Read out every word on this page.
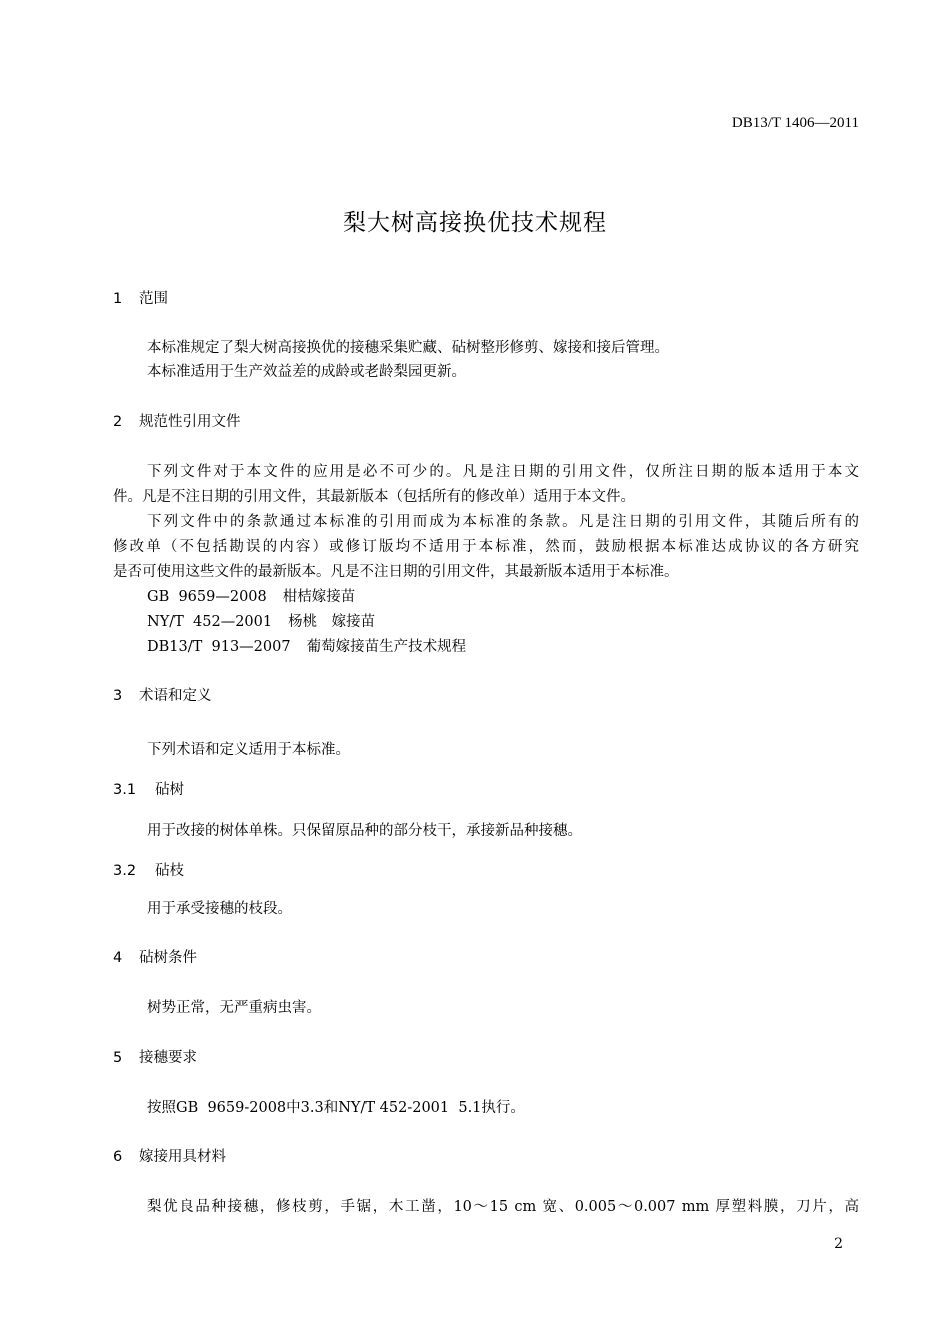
DB13/T 1406—2011
梨大树高接换优技术规程
1 范围
本标准规定了梨大树高接换优的接穗采集贮藏、砧树整形修剪、嫁接和接后管理。
本标准适用于生产效益差的成龄或老龄梨园更新。
2 规范性引用文件
下列文件对于本文件的应用是必不可少的。凡是注日期的引用文件，仅所注日期的版本适用于本文
件。凡是不注日期的引用文件，其最新版本（包括所有的修改单）适用于本文件。
下列文件中的条款通过本标准的引用而成为本标准的条款。凡是注日期的引用文件，其随后所有的
修改单（不包括勘误的内容）或修订版均不适用于本标准，然而，鼓励根据本标准达成协议的各方研究
是否可使用这些文件的最新版本。凡是不注日期的引用文件，其最新版本适用于本标准。
GB  9659—2008 柑桔嫁接苗
NY/T  452—2001 杨桃　嫁接苗
DB13/T  913—2007 葡萄嫁接苗生产技术规程
3 术语和定义
下列术语和定义适用于本标准。
3.1 砧树
用于改接的树体单株。只保留原品种的部分枝干，承接新品种接穗。
3.2 砧枝
用于承受接穗的枝段。
4 砧树条件
树势正常，无严重病虫害。
5 接穗要求
按照GB  9659-2008中3.3和NY/T 452-2001  5.1执行。
6 嫁接用具材料
梨优良品种接穗，修枝剪，手锯，木工凿，10～15 cm 宽、0.005～0.007 mm 厚塑料膜，刀片，高
2
